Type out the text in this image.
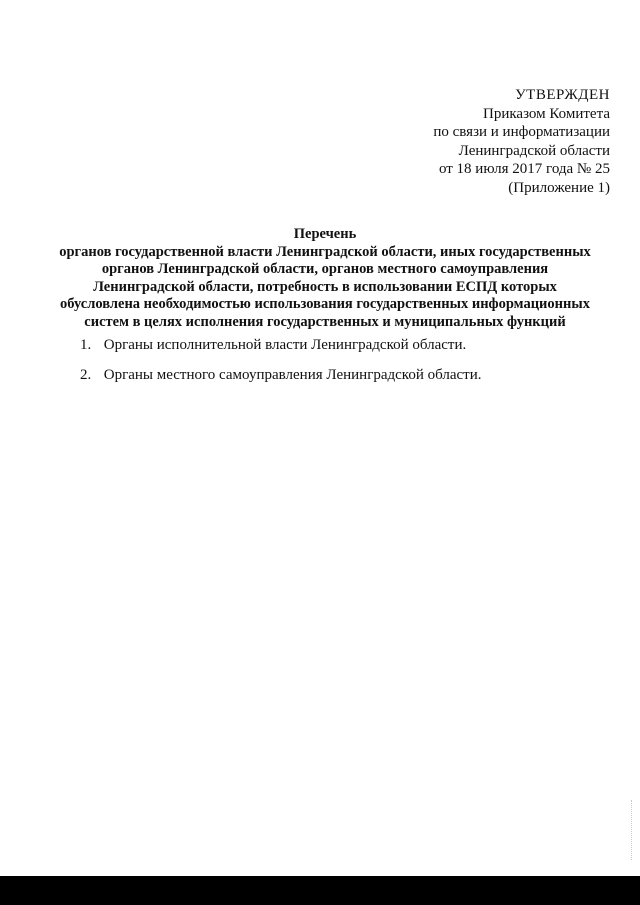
УТВЕРЖДЕН
Приказом Комитета
по связи и информатизации
Ленинградской области
от 18 июля 2017 года № 25
(Приложение 1)
Перечень
органов государственной власти Ленинградской области, иных государственных
органов Ленинградской области, органов местного самоуправления
Ленинградской области, потребность в использовании ЕСПД которых
обусловлена необходимостью использования государственных информационных
систем в целях исполнения государственных и муниципальных функций
1. Органы исполнительной власти Ленинградской области.
2. Органы местного самоуправления Ленинградской области.
